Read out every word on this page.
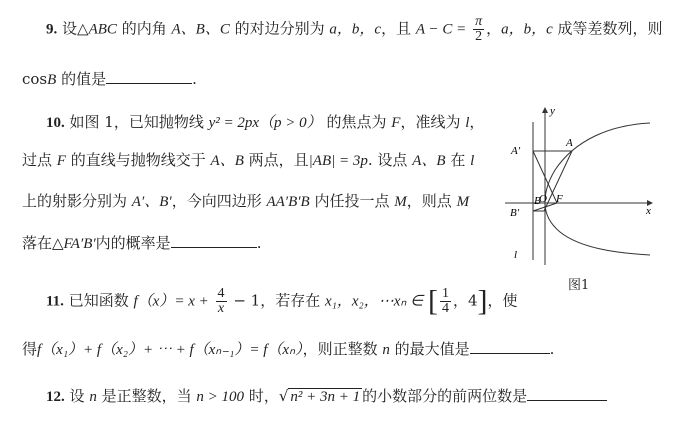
9. 设△ABC 的内角 A、B、C 的对边分别为 a，b，c，且 $A - C = \frac{\pi}{2}$ ，a，b，c 成等差数列，则
cosB 的值是	.
10. 如图 1，已知抛物线 y² = 2px（p > 0） 的焦点为 F，准线为 l，
过点 F 的直线与抛物线交于 A、B 两点，且|AB| = 3p. 设点 A、B 在 l
上的射影分别为 A′、B′，今向四边形 AA′B′B 内任投一点 M，则点 M
落在△FA′B′内的概率是	.
y
x
A
A′
B
B′
O F
l
图1
11. 已知函数 $f(x)= x + \frac{4}{x} - 1$，若存在 x₁，x₂，⋯xₙ ∈ [ $\frac{1}{4}$ ，4]，使
得f（x₁）+ f（x₂）+ ⋯ + f（xₙ₋₁）= f（xₙ），则正整数 n 的最大值是	.
12. 设 n 是正整数，当 n > 100 时，√ n² + 3n + 1 的小数部分的前两位数是
